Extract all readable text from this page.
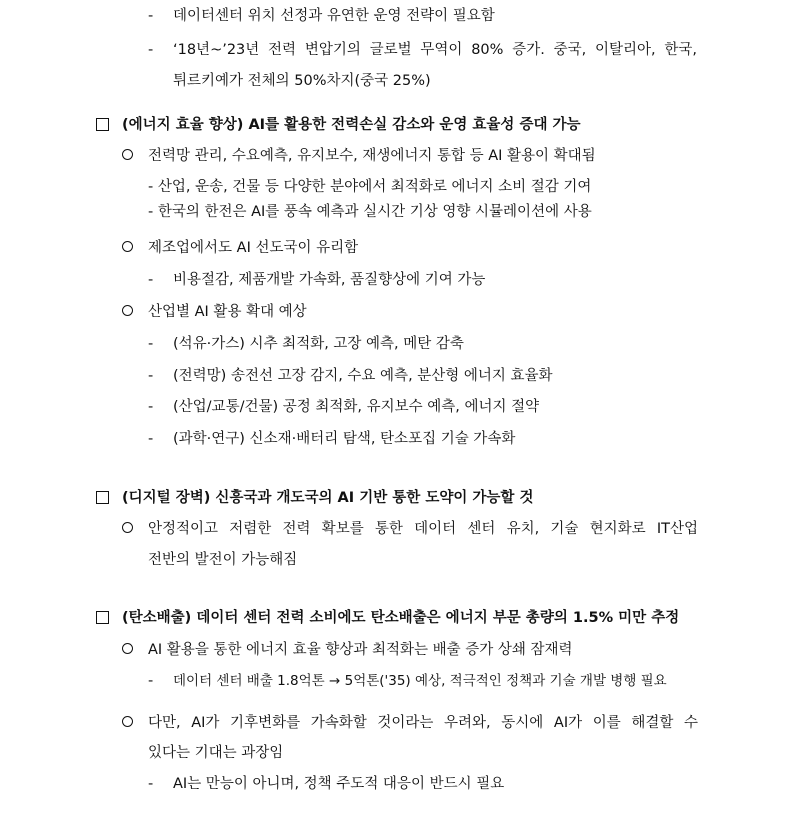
- 데이터센터 위치 선정과 유연한 운영 전략이 필요함
- ‘18년~’23년 전력 변압기의 글로벌 무역이 80% 증가. 중국, 이탈리아, 한국,
튀르키예가 전체의 50%차지(중국 25%)
(에너지 효율 향상) AI를 활용한 전력손실 감소와 운영 효율성 증대 가능
전력망 관리, 수요예측, 유지보수, 재생에너지 통합 등 AI 활용이 확대됨
- 산업, 운송, 건물 등 다양한 분야에서 최적화로 에너지 소비 절감 기여
- 한국의 한전은 AI를 풍속 예측과 실시간 기상 영향 시뮬레이션에 사용
제조업에서도 AI 선도국이 유리함
- 비용절감, 제품개발 가속화, 품질향상에 기여 가능
산업별 AI 활용 확대 예상
- (석유·가스) 시추 최적화, 고장 예측, 메탄 감축
- (전력망) 송전선 고장 감지, 수요 예측, 분산형 에너지 효율화
- (산업/교통/건물) 공정 최적화, 유지보수 예측, 에너지 절약
- (과학·연구) 신소재·배터리 탐색, 탄소포집 기술 가속화
(디지털 장벽) 신흥국과 개도국의 AI 기반 통한 도약이 가능할 것
안정적이고 저렴한 전력 확보를 통한 데이터 센터 유치, 기술 현지화로 IT산업
전반의 발전이 가능해짐
(탄소배출) 데이터 센터 전력 소비에도 탄소배출은 에너지 부문 총량의 1.5% 미만 추정
AI 활용을 통한 에너지 효율 향상과 최적화는 배출 증가 상쇄 잠재력
- 데이터 센터 배출 1.8억톤 → 5억톤('35) 예상, 적극적인 정책과 기술 개발 병행 필요
다만, AI가 기후변화를 가속화할 것이라는 우려와, 동시에 AI가 이를 해결할 수
있다는 기대는 과장임
- AI는 만능이 아니며, 정책 주도적 대응이 반드시 필요
